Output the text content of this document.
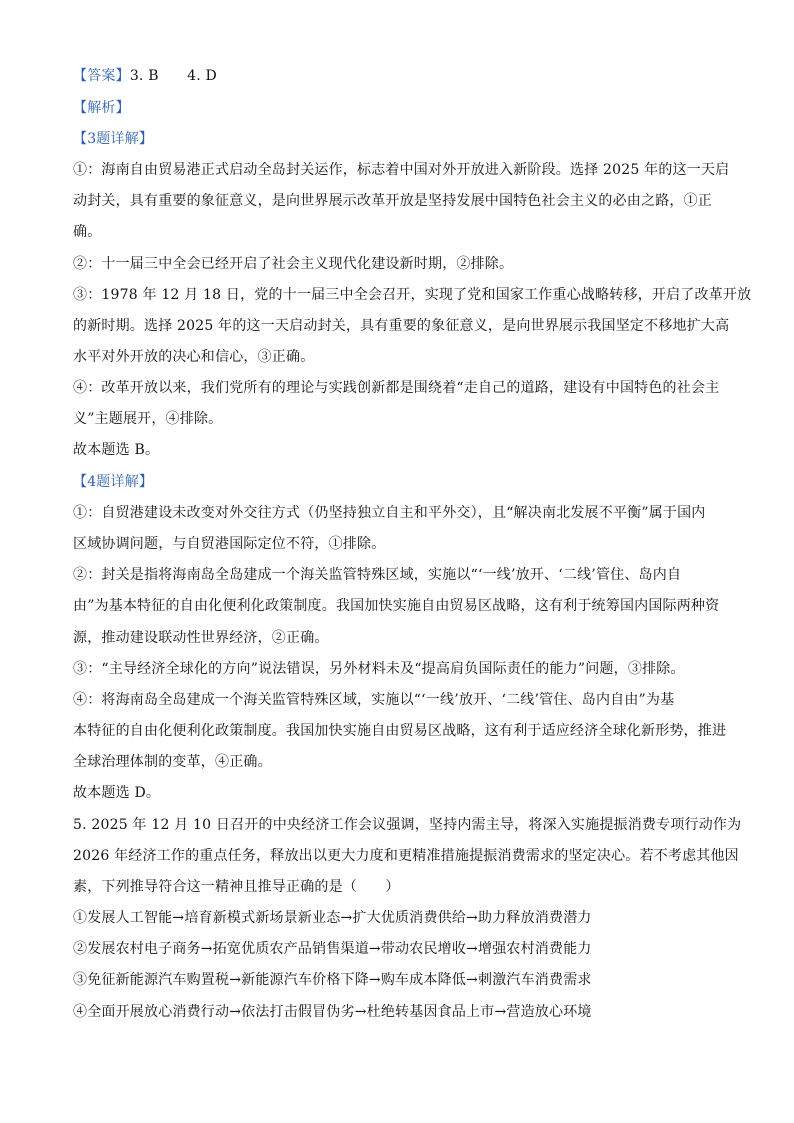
【答案】3. B　　4. D
【解析】
【3题详解】
①：海南自由贸易港正式启动全岛封关运作，标志着中国对外开放进入新阶段。选择 2025 年的这一天启
动封关，具有重要的象征意义，是向世界展示改革开放是坚持发展中国特色社会主义的必由之路，①正
确。
②：十一届三中全会已经开启了社会主义现代化建设新时期，②排除。
③：1978 年 12 月 18 日，党的十一届三中全会召开，实现了党和国家工作重心战略转移，开启了改革开放
的新时期。选择 2025 年的这一天启动封关，具有重要的象征意义，是向世界展示我国坚定不移地扩大高
水平对外开放的决心和信心，③正确。
④：改革开放以来，我们党所有的理论与实践创新都是围绕着“走自己的道路，建设有中国特色的社会主
义”主题展开，④排除。
故本题选 B。
【4题详解】
①：自贸港建设未改变对外交往方式（仍坚持独立自主和平外交），且“解决南北发展不平衡”属于国内
区域协调问题，与自贸港国际定位不符，①排除。
②：封关是指将海南岛全岛建成一个海关监管特殊区域，实施以“‘一线’放开、‘二线’管住、岛内自
由”为基本特征的自由化便利化政策制度。我国加快实施自由贸易区战略，这有利于统筹国内国际两种资
源，推动建设联动性世界经济，②正确。
③：“主导经济全球化的方向”说法错误，另外材料未及“提高肩负国际责任的能力”问题，③排除。
④：将海南岛全岛建成一个海关监管特殊区域，实施以“‘一线’放开、‘二线’管住、岛内自由”为基
本特征的自由化便利化政策制度。我国加快实施自由贸易区战略，这有利于适应经济全球化新形势，推进
全球治理体制的变革，④正确。
故本题选 D。
5. 2025 年 12 月 10 日召开的中央经济工作会议强调，坚持内需主导，将深入实施提振消费专项行动作为
2026 年经济工作的重点任务，释放出以更大力度和更精准措施提振消费需求的坚定决心。若不考虑其他因
素，下列推导符合这一精神且推导正确的是（　　）
①发展人工智能→培育新模式新场景新业态→扩大优质消费供给→助力释放消费潜力
②发展农村电子商务→拓宽优质农产品销售渠道→带动农民增收→增强农村消费能力
③免征新能源汽车购置税→新能源汽车价格下降→购车成本降低→刺激汽车消费需求
④全面开展放心消费行动→依法打击假冒伪劣→杜绝转基因食品上市→营造放心环境
